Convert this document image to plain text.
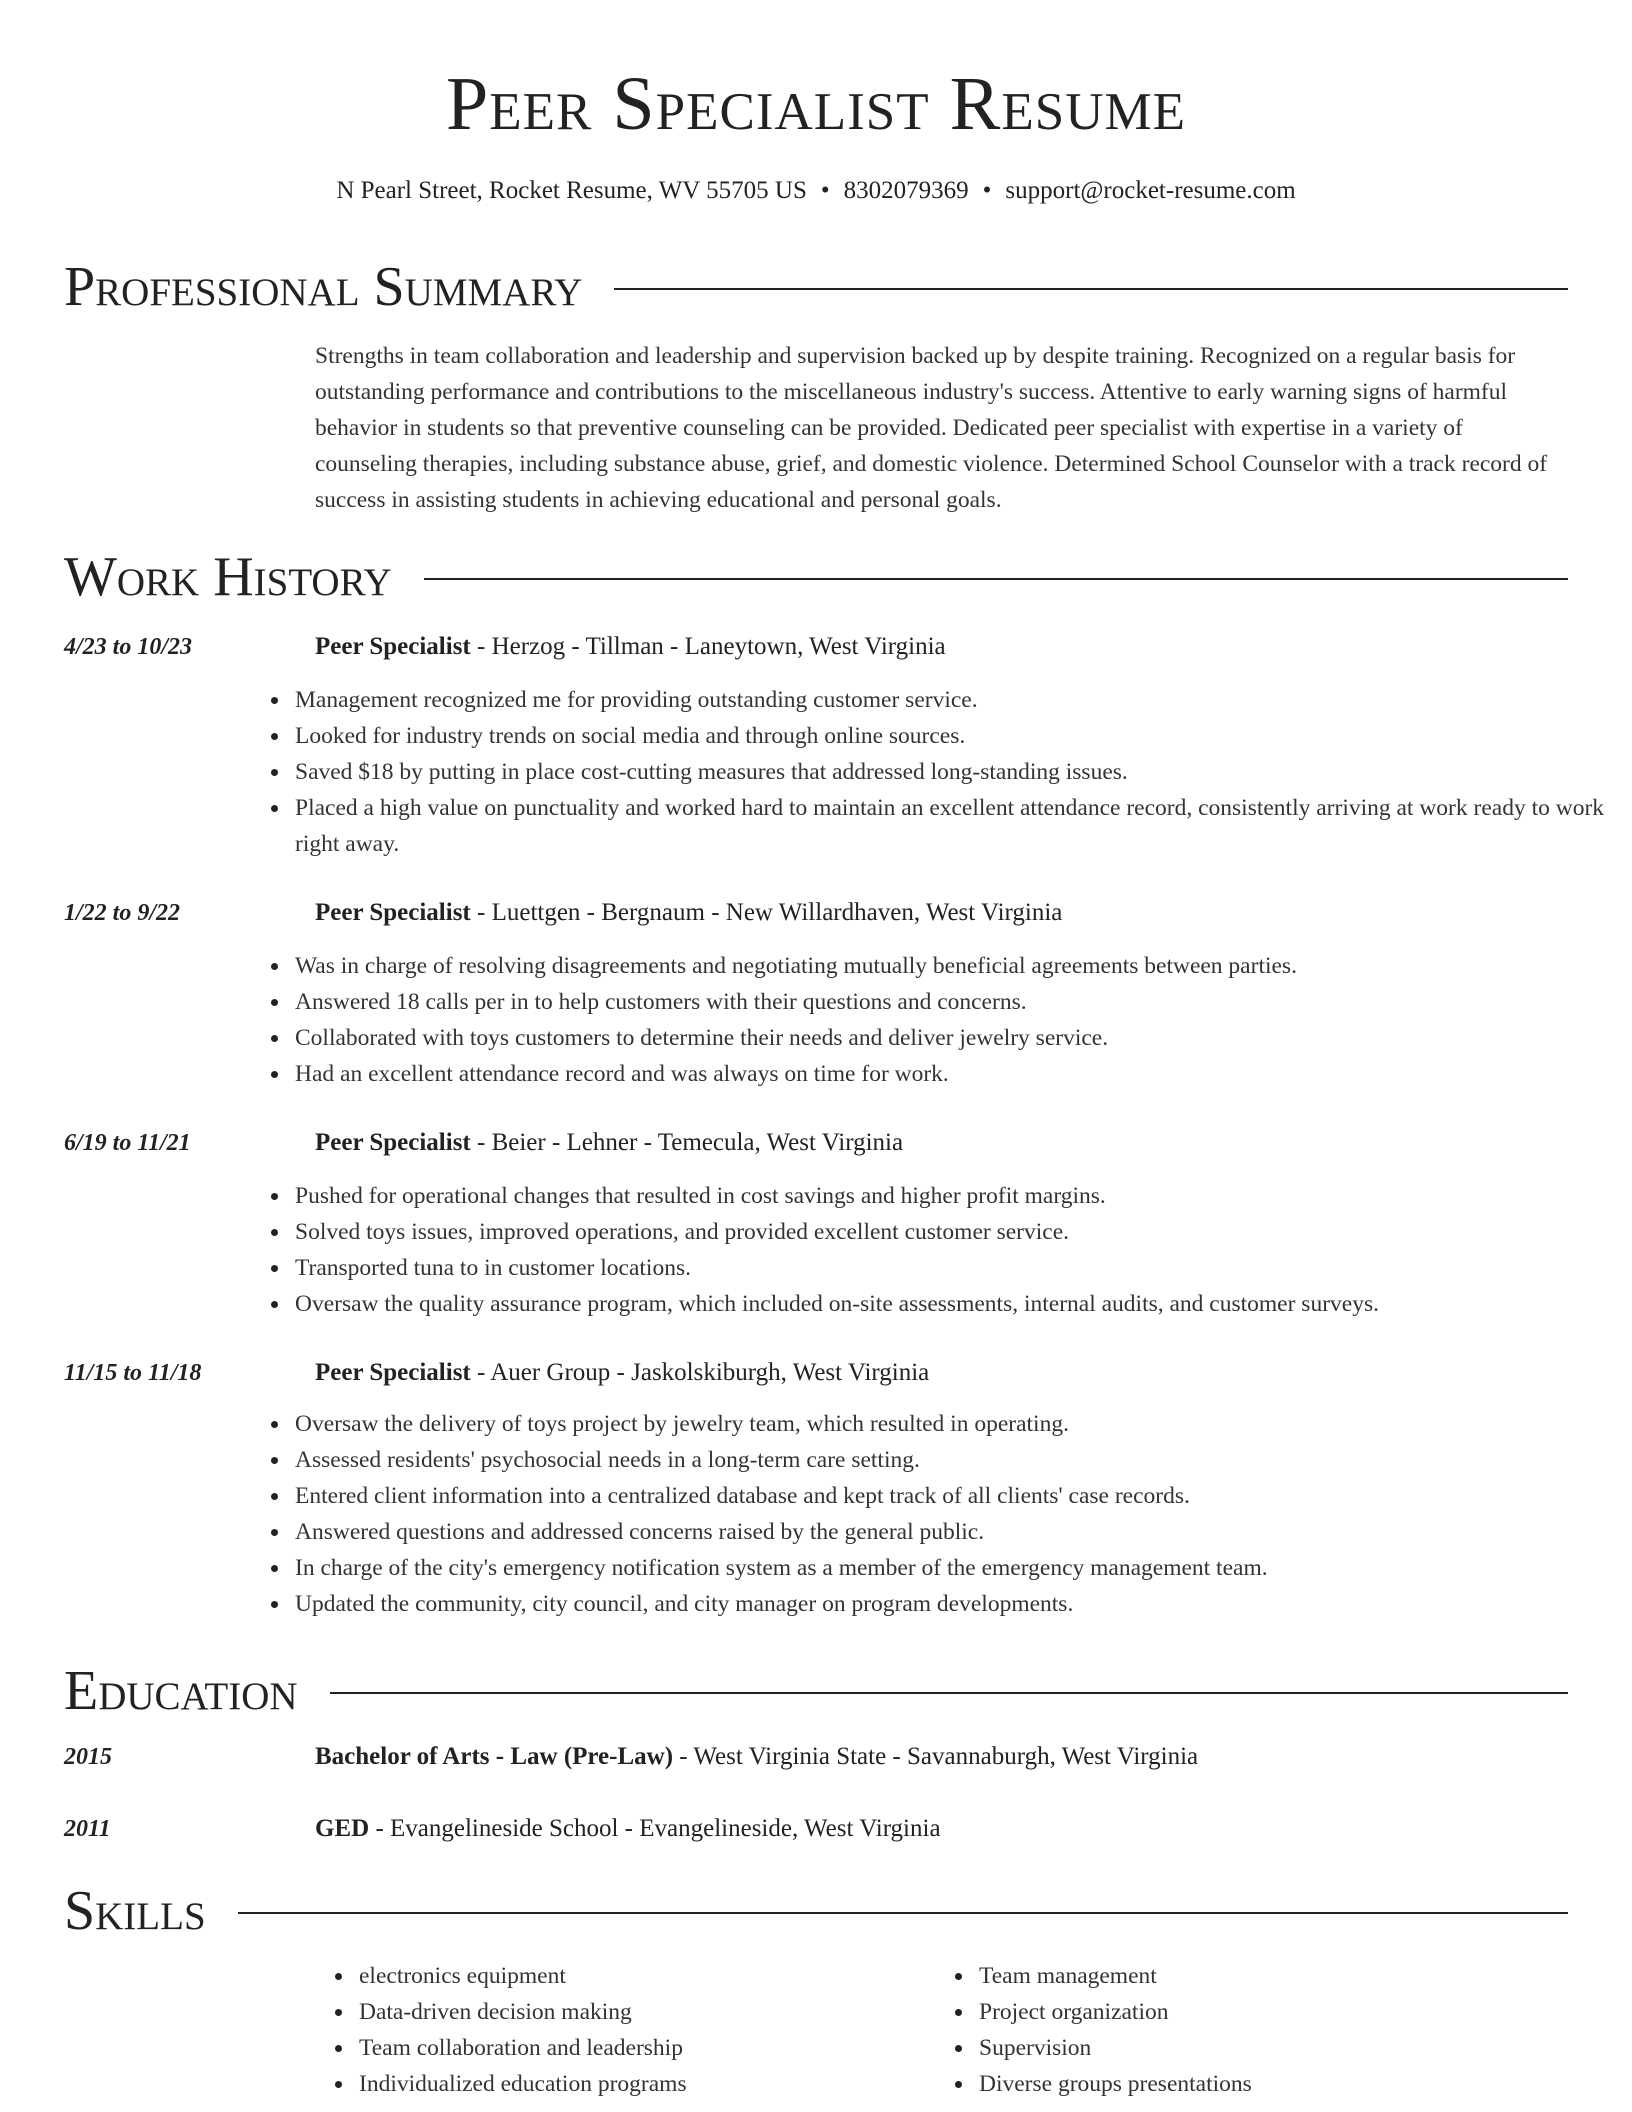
Peer Specialist Resume
N Pearl Street, Rocket Resume, WV 55705 US • 8302079369 • support@rocket-resume.com
Professional Summary

Strengths in team collaboration and leadership and supervision backed up by despite training. Recognized on a regular basis for outstanding performance and contributions to the miscellaneous industry's success. Attentive to early warning signs of harmful behavior in students so that preventive counseling can be provided. Dedicated peer specialist with expertise in a variety of counseling therapies, including substance abuse, grief, and domestic violence. Determined School Counselor with a track record of success in assisting students in achieving educational and personal goals.

Work History
4/23 to 10/23	Peer Specialist - Herzog - Tillman - Laneytown, West Virginia
Management recognized me for providing outstanding customer service.
Looked for industry trends on social media and through online sources.
Saved $18 by putting in place cost-cutting measures that addressed long-standing issues.
Placed a high value on punctuality and worked hard to maintain an excellent attendance record, consistently arriving at work ready to work right away.
1/22 to 9/22	Peer Specialist - Luettgen - Bergnaum - New Willardhaven, West Virginia
Was in charge of resolving disagreements and negotiating mutually beneficial agreements between parties.
Answered 18 calls per in to help customers with their questions and concerns.
Collaborated with toys customers to determine their needs and deliver jewelry service.
Had an excellent attendance record and was always on time for work.
6/19 to 11/21	Peer Specialist - Beier - Lehner - Temecula, West Virginia
Pushed for operational changes that resulted in cost savings and higher profit margins.
Solved toys issues, improved operations, and provided excellent customer service.
Transported tuna to in customer locations.
Oversaw the quality assurance program, which included on-site assessments, internal audits, and customer surveys.
11/15 to 11/18	Peer Specialist - Auer Group - Jaskolskiburgh, West Virginia
Oversaw the delivery of toys project by jewelry team, which resulted in operating.
Assessed residents' psychosocial needs in a long-term care setting.
Entered client information into a centralized database and kept track of all clients' case records.
Answered questions and addressed concerns raised by the general public.
In charge of the city's emergency notification system as a member of the emergency management team.
Updated the community, city council, and city manager on program developments.
Education
2015	Bachelor of Arts - Law (Pre-Law) - West Virginia State - Savannaburgh, West Virginia
2011	GED - Evangelineside School - Evangelineside, West Virginia
Skills
electronics equipment
Data-driven decision making
Team collaboration and leadership
Individualized education programs
Team management
Project organization
Supervision
Diverse groups presentations
